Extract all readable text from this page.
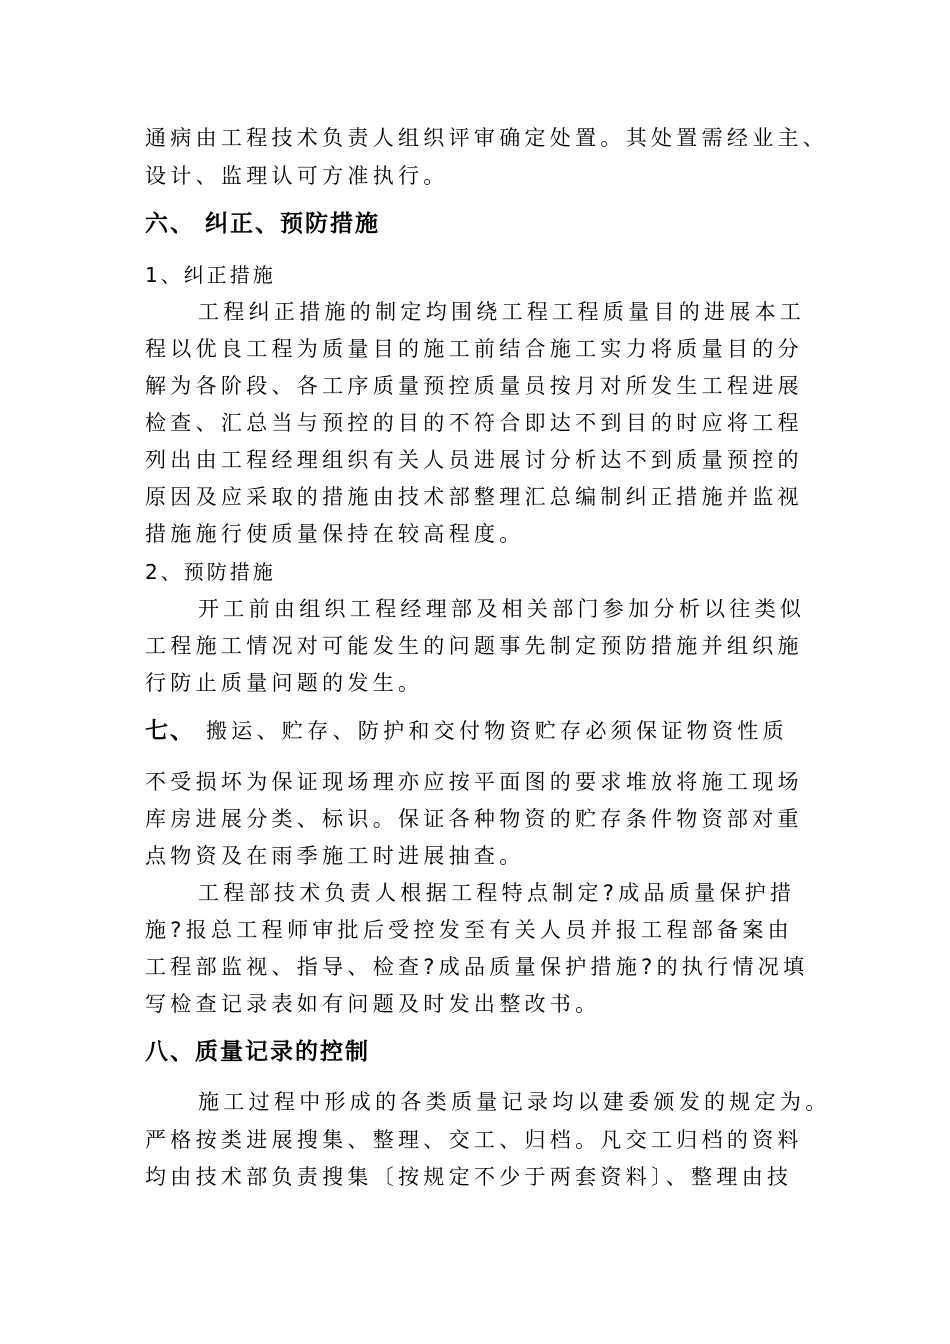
通病由工程技术负责人组织评审确定处置。其处置需经业主、
设计、监理认可方准执行。
六、 纠正、预防措施
1、纠正措施
工程纠正措施的制定均围绕工程工程质量目的进展本工
程以优良工程为质量目的施工前结合施工实力将质量目的分
解为各阶段、各工序质量预控质量员按月对所发生工程进展
检查、汇总当与预控的目的不符合即达不到目的时应将工程
列出由工程经理组织有关人员进展讨分析达不到质量预控的
原因及应采取的措施由技术部整理汇总编制纠正措施并监视
措施施行使质量保持在较高程度。
2、预防措施
开工前由组织工程经理部及相关部门参加分析以往类似
工程施工情况对可能发生的问题事先制定预防措施并组织施
行防止质量问题的发生。
七、 搬运、贮存、防护和交付物资贮存必须保证物资性质
不受损坏为保证现场理亦应按平面图的要求堆放将施工现场
库房进展分类、标识。保证各种物资的贮存条件物资部对重
点物资及在雨季施工时进展抽查。
工程部技术负责人根据工程特点制定?成品质量保护措
施?报总工程师审批后受控发至有关人员并报工程部备案由
工程部监视、指导、检查?成品质量保护措施?的执行情况填
写检查记录表如有问题及时发出整改书。
八、质量记录的控制
施工过程中形成的各类质量记录均以建委颁发的规定为。
严格按类进展搜集、整理、交工、归档。凡交工归档的资料
均由技术部负责搜集〔按规定不少于两套资料〕、整理由技
